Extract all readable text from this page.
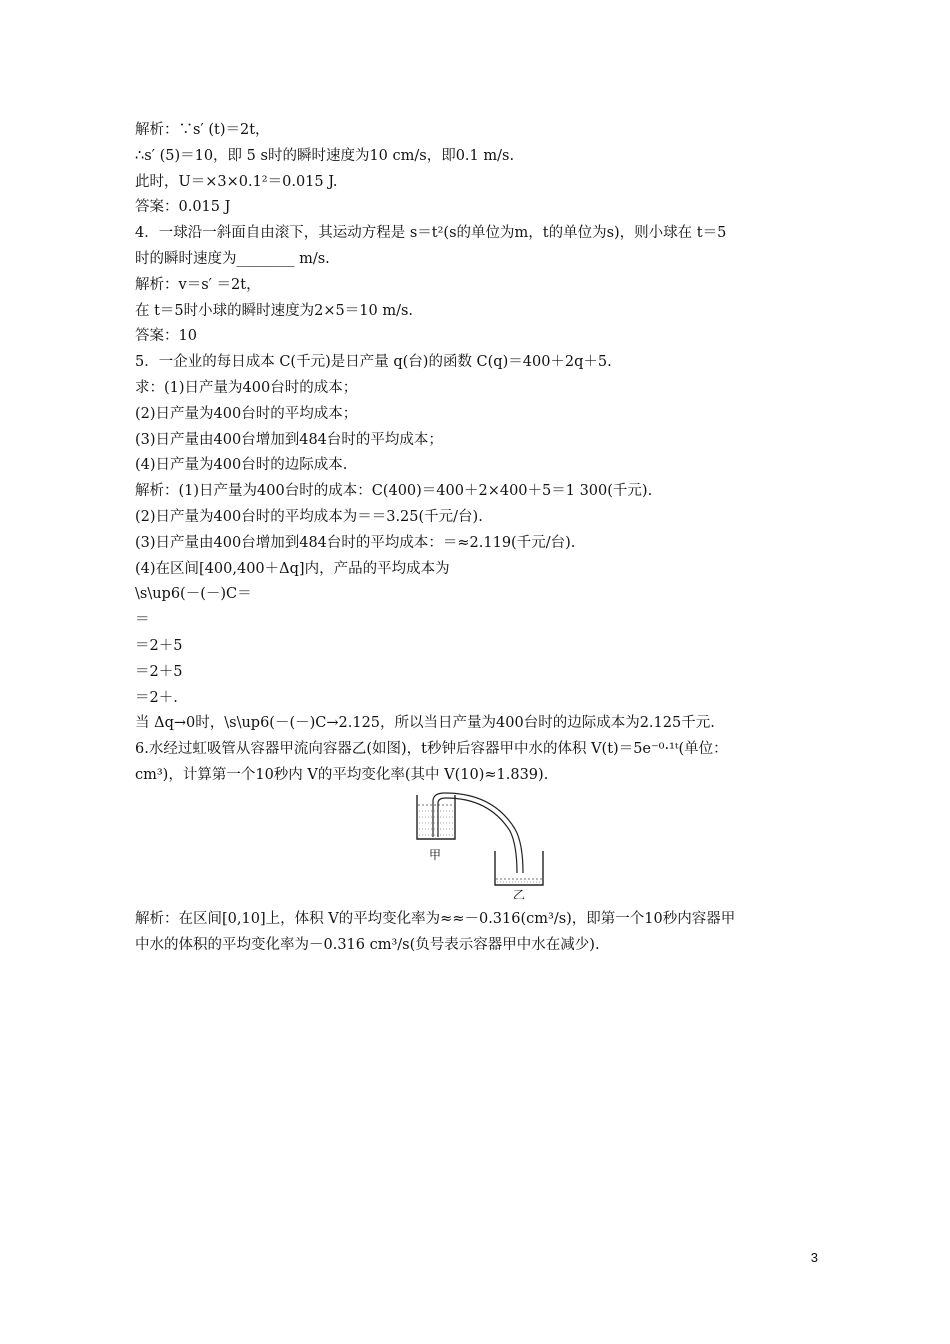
解析：∵s′ (t)＝2t，
∴s′ (5)＝10，即 5 s时的瞬时速度为10 cm/s，即0.1 m/s.
此时，U＝×3×0.1²＝0.015 J.
答案：0.015 J
4．一球沿一斜面自由滚下，其运动方程是 s＝t²(s的单位为m，t的单位为s)，则小球在 t＝5
时的瞬时速度为________ m/s.
解析：v＝s′ ＝2t，
在 t＝5时小球的瞬时速度为2×5＝10 m/s.
答案：10
5．一企业的每日成本 C(千元)是日产量 q(台)的函数 C(q)＝400＋2q＋5.
求：(1)日产量为400台时的成本；
(2)日产量为400台时的平均成本；
(3)日产量由400台增加到484台时的平均成本；
(4)日产量为400台时的边际成本.
解析：(1)日产量为400台时的成本：C(400)＝400＋2×400＋5＝1 300(千元).
(2)日产量为400台时的平均成本为＝＝3.25(千元/台).
(3)日产量由400台增加到484台时的平均成本：＝≈2.119(千元/台).
(4)在区间[400,400＋Δq]内，产品的平均成本为
\s\up6(－(－)C＝
＝
＝2＋5
＝2＋5
＝2＋.
当 Δq→0时，\s\up6(－(－)C→2.125，所以当日产量为400台时的边际成本为2.125千元.
6.水经过虹吸管从容器甲流向容器乙(如图)，t秒钟后容器甲中水的体积 V(t)＝5e⁻⁰·¹ᵗ(单位：
cm³)，计算第一个10秒内 V的平均变化率(其中 V(10)≈1.839).
甲
乙
解析：在区间[0,10]上，体积 V的平均变化率为≈≈－0.316(cm³/s)，即第一个10秒内容器甲
中水的体积的平均变化率为－0.316 cm³/s(负号表示容器甲中水在减少).
3
